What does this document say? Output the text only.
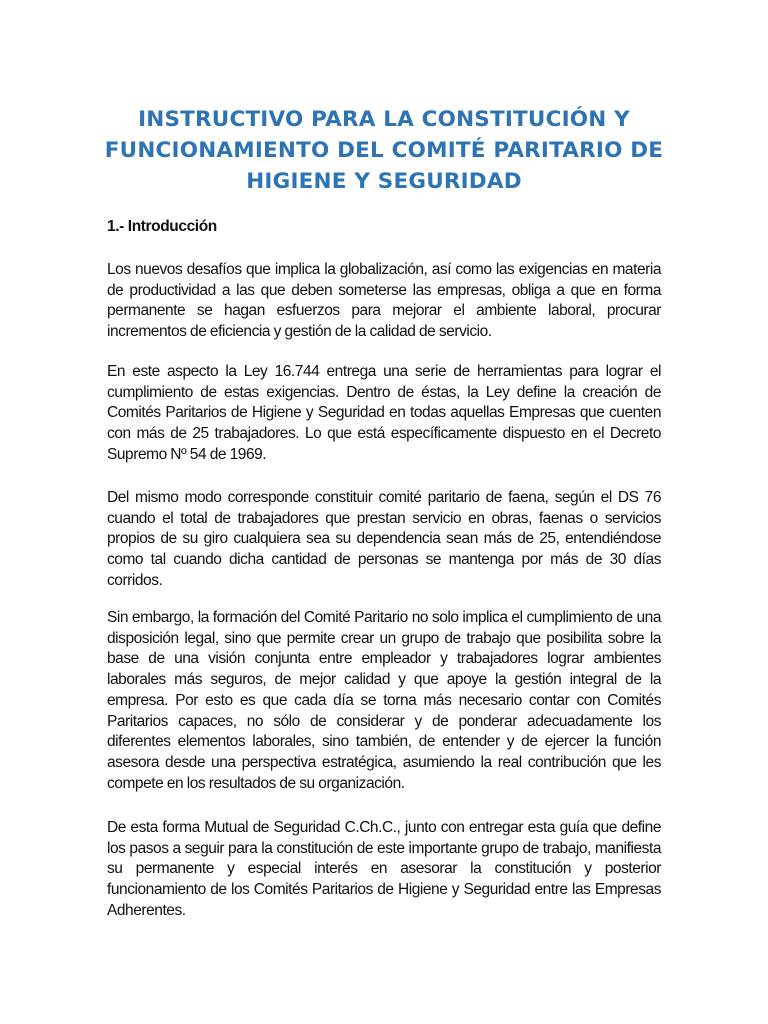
INSTRUCTIVO PARA LA CONSTITUCIÓN Y FUNCIONAMIENTO DEL COMITÉ PARITARIO DE HIGIENE Y SEGURIDAD
1.- Introducción

Los nuevos desafíos que implica la globalización, así como las exigencias en materia de productividad a las que deben someterse las empresas, obliga a que en forma permanente se hagan esfuerzos para mejorar el ambiente laboral, procurar incrementos de eficiencia y gestión de la calidad de servicio.

En este aspecto la Ley 16.744 entrega una serie de herramientas para lograr el cumplimiento de estas exigencias. Dentro de éstas, la Ley define la creación de Comités Paritarios de Higiene y Seguridad en todas aquellas Empresas que cuenten con más de 25 trabajadores. Lo que está específicamente dispuesto en el Decreto Supremo Nº 54 de 1969.

Del mismo modo corresponde constituir comité paritario de faena, según el DS 76 cuando el total de trabajadores que prestan servicio en obras, faenas o servicios propios de su giro cualquiera sea su dependencia sean más de 25, entendiéndose como tal cuando dicha cantidad de personas se mantenga por más de 30 días corridos.

Sin embargo, la formación del Comité Paritario no solo implica el cumplimiento de una disposición legal, sino que permite crear un grupo de trabajo que posibilita sobre la base de una visión conjunta entre empleador y trabajadores lograr ambientes laborales más seguros, de mejor calidad y que apoye la gestión integral de la empresa. Por esto es que cada día se torna más necesario contar con Comités Paritarios capaces, no sólo de considerar y de ponderar adecuadamente los diferentes elementos laborales, sino también, de entender y de ejercer la función asesora desde una perspectiva estratégica, asumiendo la real contribución que les compete en los resultados de su organización.

De esta forma Mutual de Seguridad C.Ch.C., junto con entregar esta guía que define los pasos a seguir para la constitución de este importante grupo de trabajo, manifiesta su permanente y especial interés en asesorar la constitución y posterior funcionamiento de los Comités Paritarios de Higiene y Seguridad entre las Empresas Adherentes.
